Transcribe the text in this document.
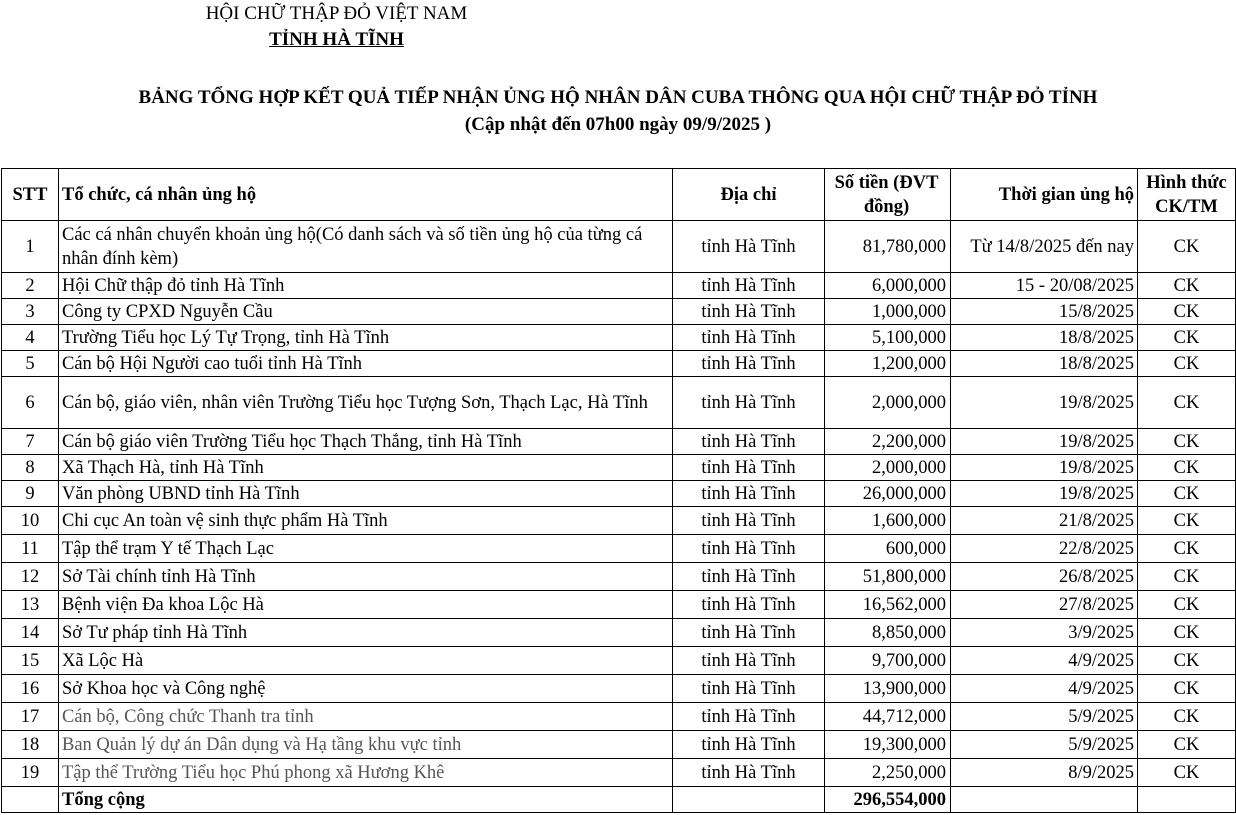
HỘI CHỮ THẬP ĐỎ VIỆT NAM
TỈNH HÀ TĨNH
BẢNG TỔNG HỢP KẾT QUẢ TIẾP NHẬN ỦNG HỘ NHÂN DÂN CUBA THÔNG QUA HỘI CHỮ THẬP ĐỎ TỈNH
(Cập nhật đến 07h00 ngày 09/9/2025 )
STT	Tổ chức, cá nhân ủng hộ	Địa chỉ	Số tiền (ĐVT đồng)	Thời gian ủng hộ	Hình thức CK/TM
1	Các cá nhân chuyển khoản ủng hộ(Có danh sách và số tiền ủng hộ của từng cá nhân đính kèm)	tỉnh Hà Tĩnh	81,780,000	Từ 14/8/2025 đến nay	CK
2	Hội Chữ thập đỏ tỉnh Hà Tĩnh	tỉnh Hà Tĩnh	6,000,000	15 - 20/08/2025	CK
3	Công ty CPXD Nguyễn Cầu	tỉnh Hà Tĩnh	1,000,000	15/8/2025	CK
4	Trường Tiểu học Lý Tự Trọng, tỉnh Hà Tĩnh	tỉnh Hà Tĩnh	5,100,000	18/8/2025	CK
5	Cán bộ Hội Người cao tuổi tỉnh Hà Tĩnh	tỉnh Hà Tĩnh	1,200,000	18/8/2025	CK
6	Cán bộ, giáo viên, nhân viên Trường Tiểu học Tượng Sơn, Thạch Lạc, Hà Tĩnh	tỉnh Hà Tĩnh	2,000,000	19/8/2025	CK
7	Cán bộ giáo viên Trường Tiểu học Thạch Thắng, tỉnh Hà Tĩnh	tỉnh Hà Tĩnh	2,200,000	19/8/2025	CK
8	Xã Thạch Hà, tỉnh Hà Tĩnh	tỉnh Hà Tĩnh	2,000,000	19/8/2025	CK
9	Văn phòng UBND tỉnh Hà Tĩnh	tỉnh Hà Tĩnh	26,000,000	19/8/2025	CK
10	Chi cục An toàn vệ sinh thực phẩm Hà Tĩnh	tỉnh Hà Tĩnh	1,600,000	21/8/2025	CK
11	Tập thể trạm Y tế Thạch Lạc	tỉnh Hà Tĩnh	600,000	22/8/2025	CK
12	Sở Tài chính tỉnh Hà Tĩnh	tỉnh Hà Tĩnh	51,800,000	26/8/2025	CK
13	Bệnh viện Đa khoa Lộc Hà	tỉnh Hà Tĩnh	16,562,000	27/8/2025	CK
14	Sở Tư pháp tỉnh Hà Tĩnh	tỉnh Hà Tĩnh	8,850,000	3/9/2025	CK
15	Xã Lộc Hà	tỉnh Hà Tĩnh	9,700,000	4/9/2025	CK
16	Sở Khoa học và Công nghệ	tỉnh Hà Tĩnh	13,900,000	4/9/2025	CK
17	Cán bộ, Công chức Thanh tra tỉnh	tỉnh Hà Tĩnh	44,712,000	5/9/2025	CK
18	Ban Quản lý dự án Dân dụng và Hạ tầng khu vực tỉnh	tỉnh Hà Tĩnh	19,300,000	5/9/2025	CK
19	Tập thể Trường Tiểu học Phú phong xã Hương Khê	tỉnh Hà Tĩnh	2,250,000	8/9/2025	CK
	Tổng cộng		296,554,000		
